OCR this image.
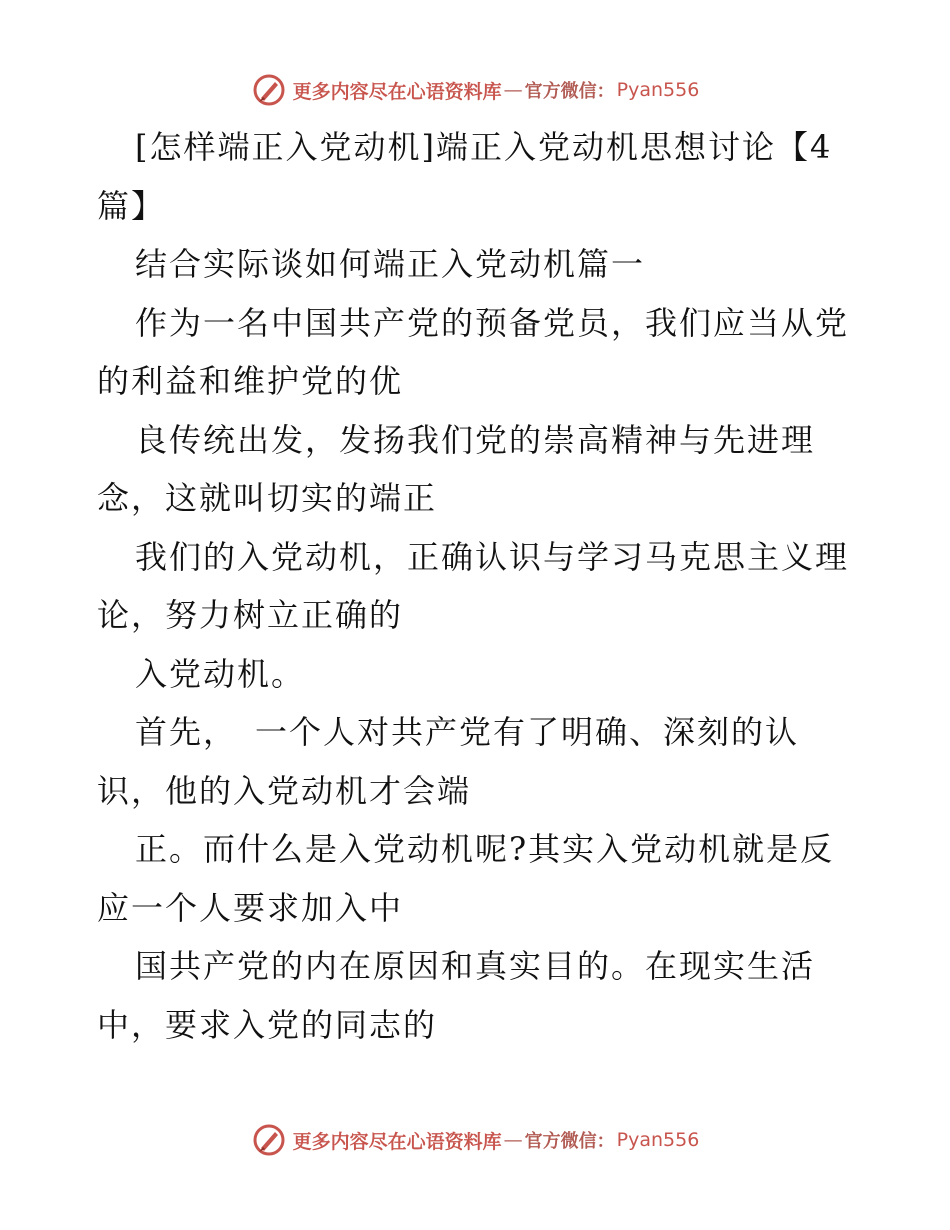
更多内容尽在心语资料库 — 官方微信： Pyan556
[怎样端正入党动机]端正入党动机思想讨论【4
篇】
结合实际谈如何端正入党动机篇一
作为一名中国共产党的预备党员，我们应当从党
的利益和维护党的优
良传统出发，发扬我们党的崇高精神与先进理
念，这就叫切实的端正
我们的入党动机，正确认识与学习马克思主义理
论，努力树立正确的
入党动机。
首先，　一个人对共产党有了明确、深刻的认
识，他的入党动机才会端
正。而什么是入党动机呢?其实入党动机就是反
应一个人要求加入中
国共产党的内在原因和真实目的。在现实生活
中，要求入党的同志的
更多内容尽在心语资料库 — 官方微信： Pyan556
